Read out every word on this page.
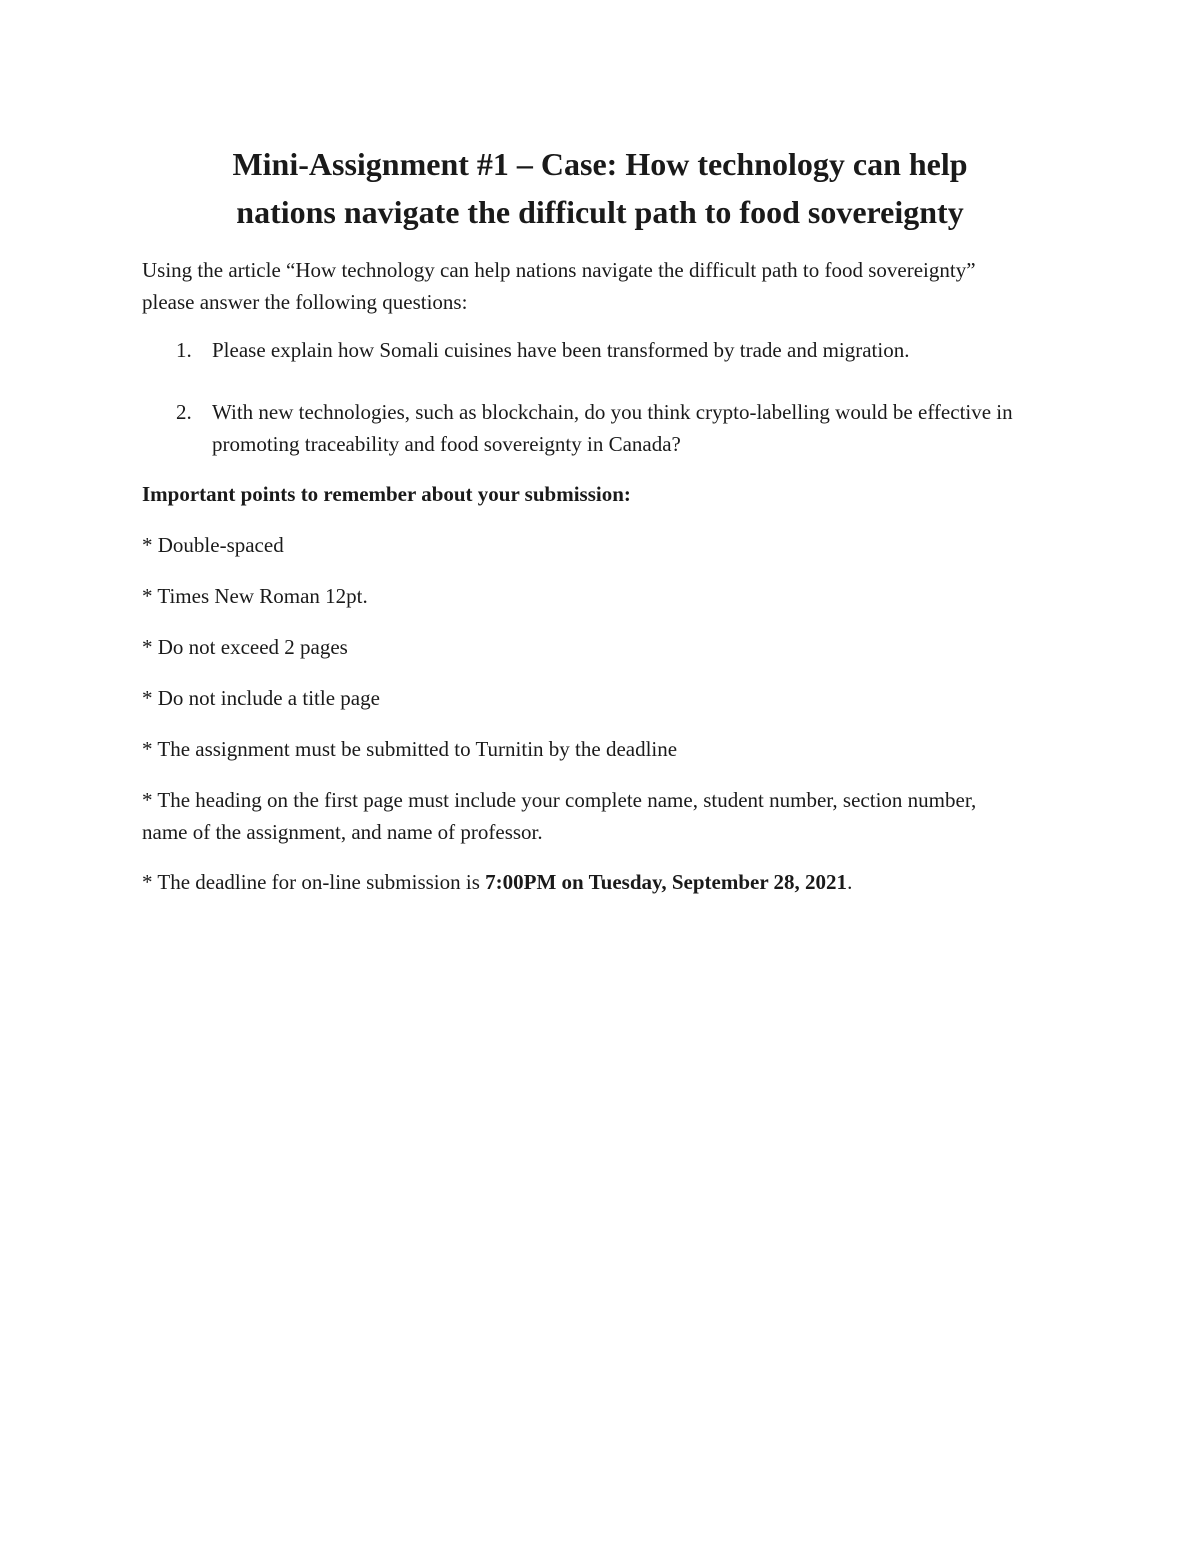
Mini-Assignment #1 – Case: How technology can help
nations navigate the difficult path to food sovereignty

Using the article “How technology can help nations navigate the difficult path to food sovereignty” please answer the following questions:

1. Please explain how Somali cuisines have been transformed by trade and migration.
2. With new technologies, such as blockchain, do you think crypto-labelling would be effective in promoting traceability and food sovereignty in Canada?

Important points to remember about your submission:

* Double-spaced

* Times New Roman 12pt.

* Do not exceed 2 pages

* Do not include a title page

* The assignment must be submitted to Turnitin by the deadline

* The heading on the first page must include your complete name, student number, section number, name of the assignment, and name of professor.

* The deadline for on-line submission is 7:00PM on Tuesday, September 28, 2021.
